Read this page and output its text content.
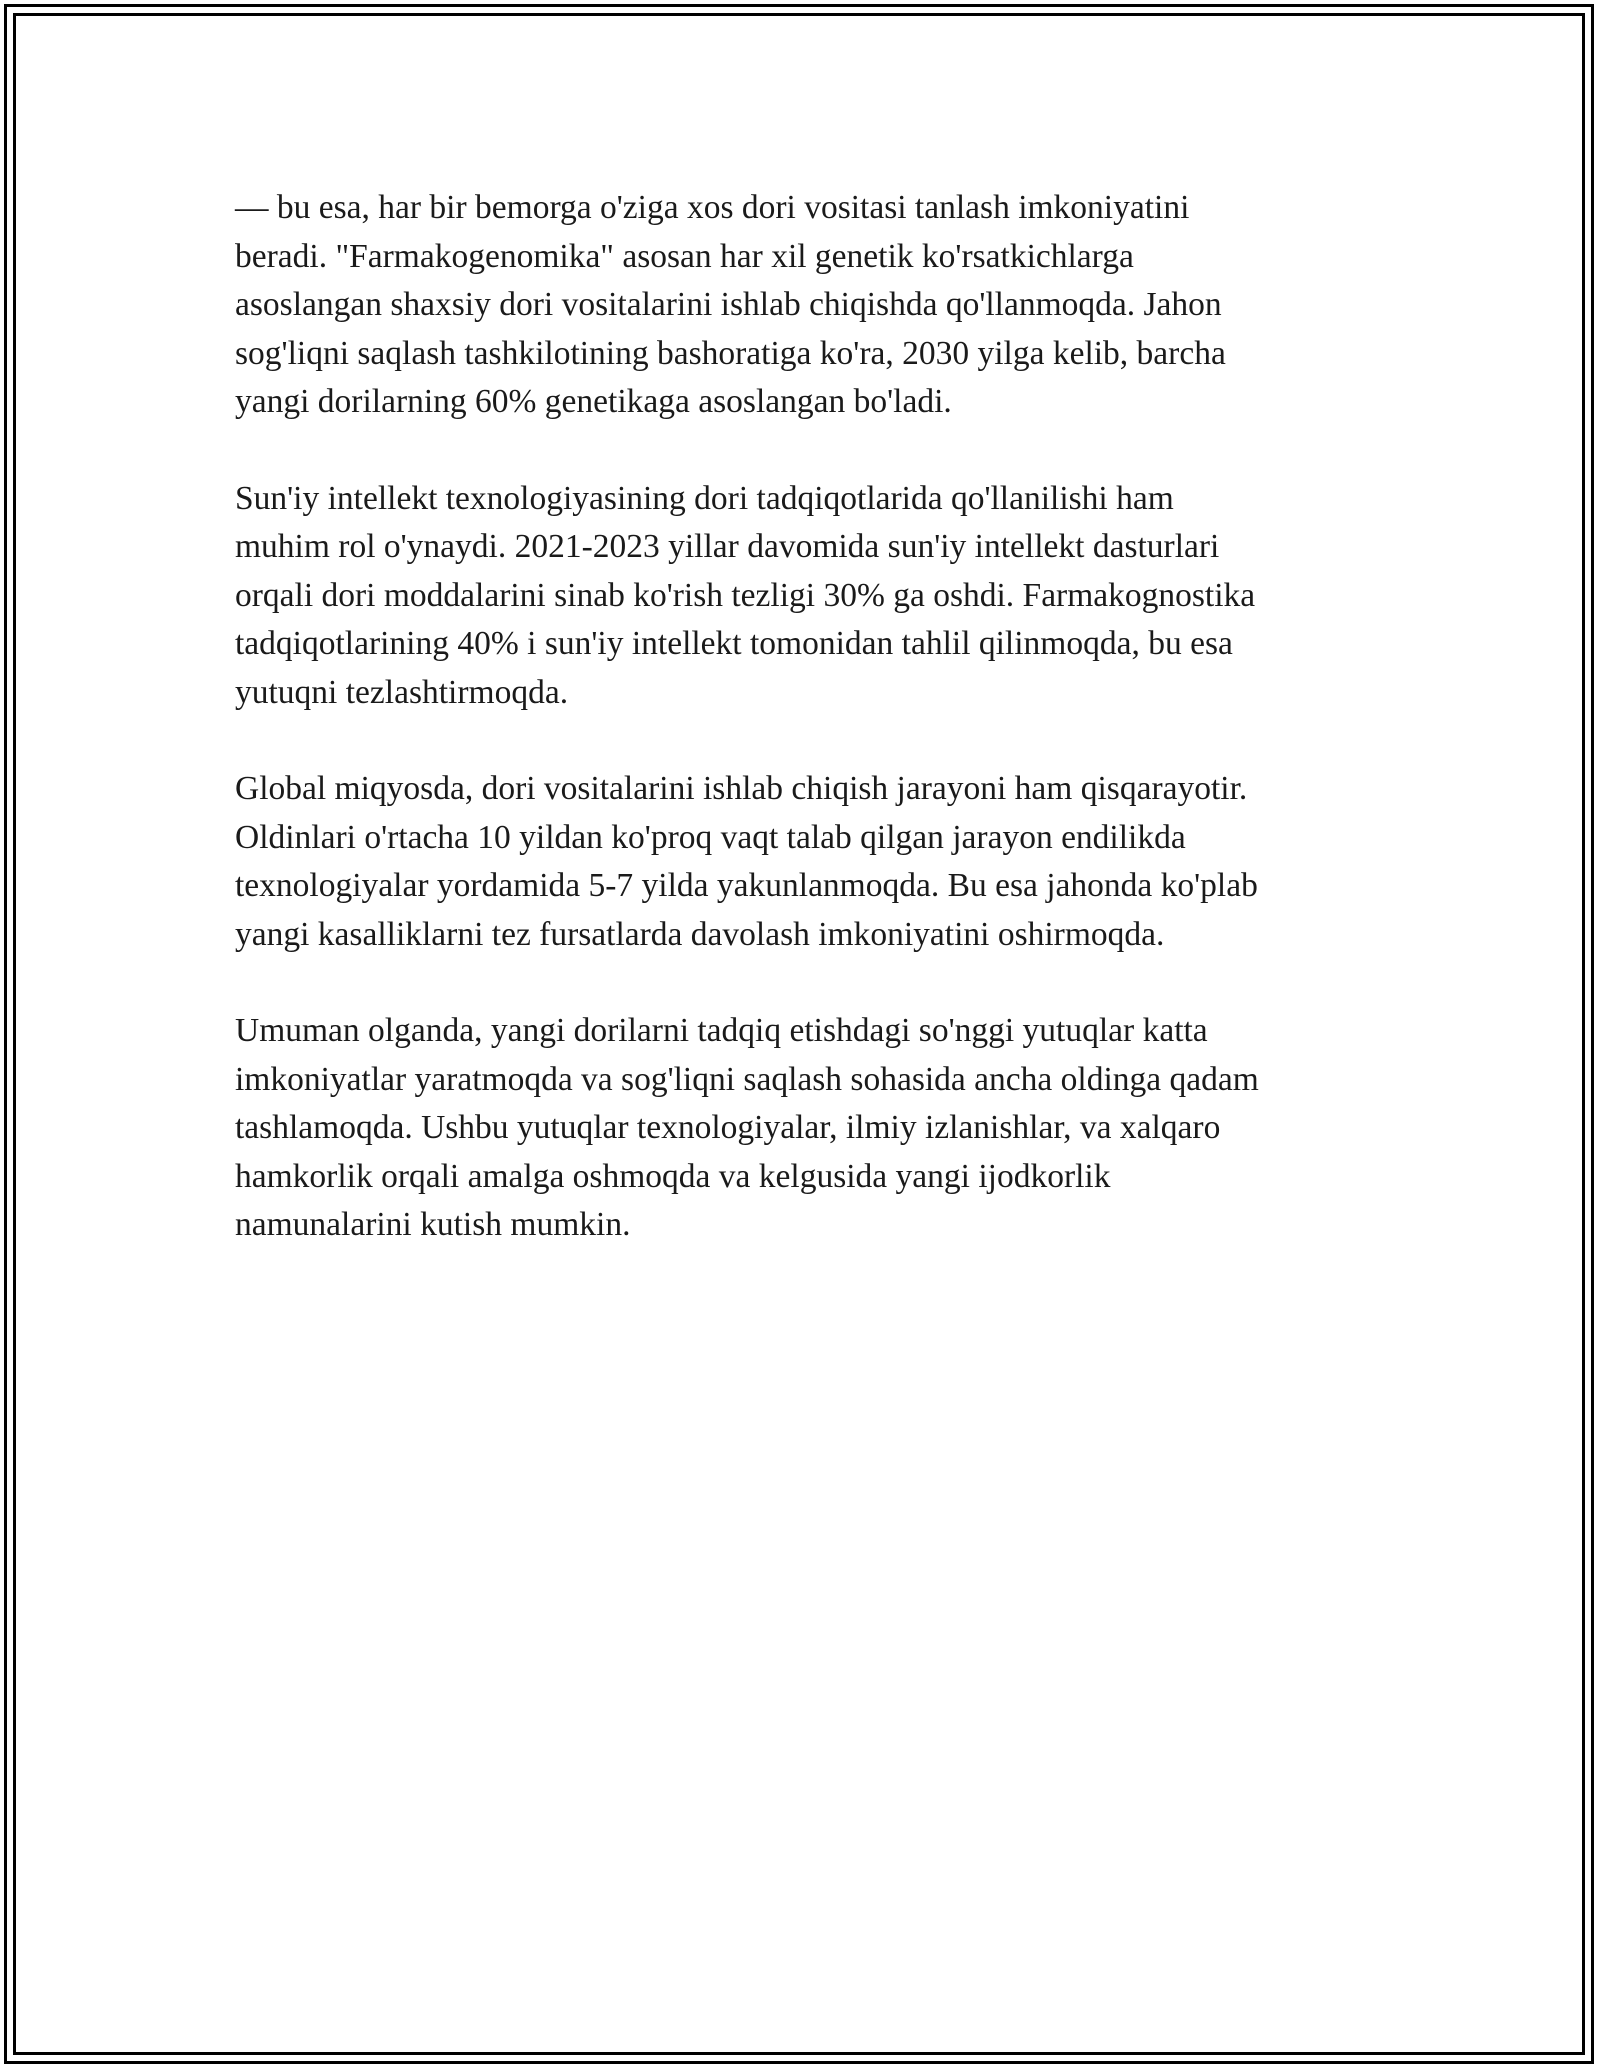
— bu esa, har bir bemorga o'ziga xos dori vositasi tanlash imkoniyatini
beradi. "Farmakogenomika" asosan har xil genetik ko'rsatkichlarga
asoslangan shaxsiy dori vositalarini ishlab chiqishda qo'llanmoqda. Jahon
sog'liqni saqlash tashkilotining bashoratiga ko'ra, 2030 yilga kelib, barcha
yangi dorilarning 60% genetikaga asoslangan bo'ladi.

Sun'iy intellekt texnologiyasining dori tadqiqotlarida qo'llanilishi ham
muhim rol o'ynaydi. 2021-2023 yillar davomida sun'iy intellekt dasturlari
orqali dori moddalarini sinab ko'rish tezligi 30% ga oshdi. Farmakognostika
tadqiqotlarining 40% i sun'iy intellekt tomonidan tahlil qilinmoqda, bu esa
yutuqni tezlashtirmoqda.

Global miqyosda, dori vositalarini ishlab chiqish jarayoni ham qisqarayotir.
Oldinlari o'rtacha 10 yildan ko'proq vaqt talab qilgan jarayon endilikda
texnologiyalar yordamida 5-7 yilda yakunlanmoqda. Bu esa jahonda ko'plab
yangi kasalliklarni tez fursatlarda davolash imkoniyatini oshirmoqda.

Umuman olganda, yangi dorilarni tadqiq etishdagi so'nggi yutuqlar katta
imkoniyatlar yaratmoqda va sog'liqni saqlash sohasida ancha oldinga qadam
tashlamoqda. Ushbu yutuqlar texnologiyalar, ilmiy izlanishlar, va xalqaro
hamkorlik orqali amalga oshmoqda va kelgusida yangi ijodkorlik
namunalarini kutish mumkin.
